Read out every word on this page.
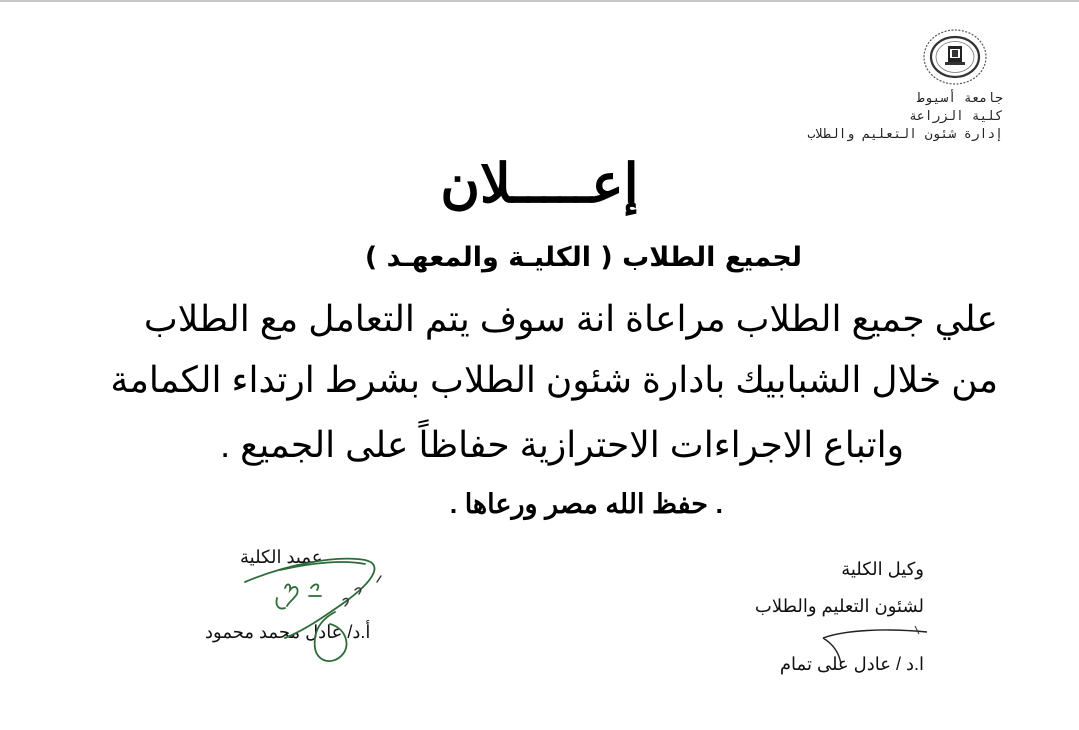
جامعة أسيوط
كلية الزراعة
إدارة شئون التعليم والطلاب
إعـــــلان
لجميع الطلاب ( الكليـة والمعهـد )
علي جميع الطلاب مراعاة انة سوف يتم التعامل مع الطلاب
من خلال الشبابيك بادارة شئون الطلاب بشرط ارتداء الكمامة
واتباع الاجراءات الاحترازية حفاظاً على الجميع .
. حفظ الله مصر ورعاها .
وكيل الكلية
لشئون التعليم والطلاب
ا.د / عادل على تمام
عميد الكلية
أ.د/ عادل محمد محمود
